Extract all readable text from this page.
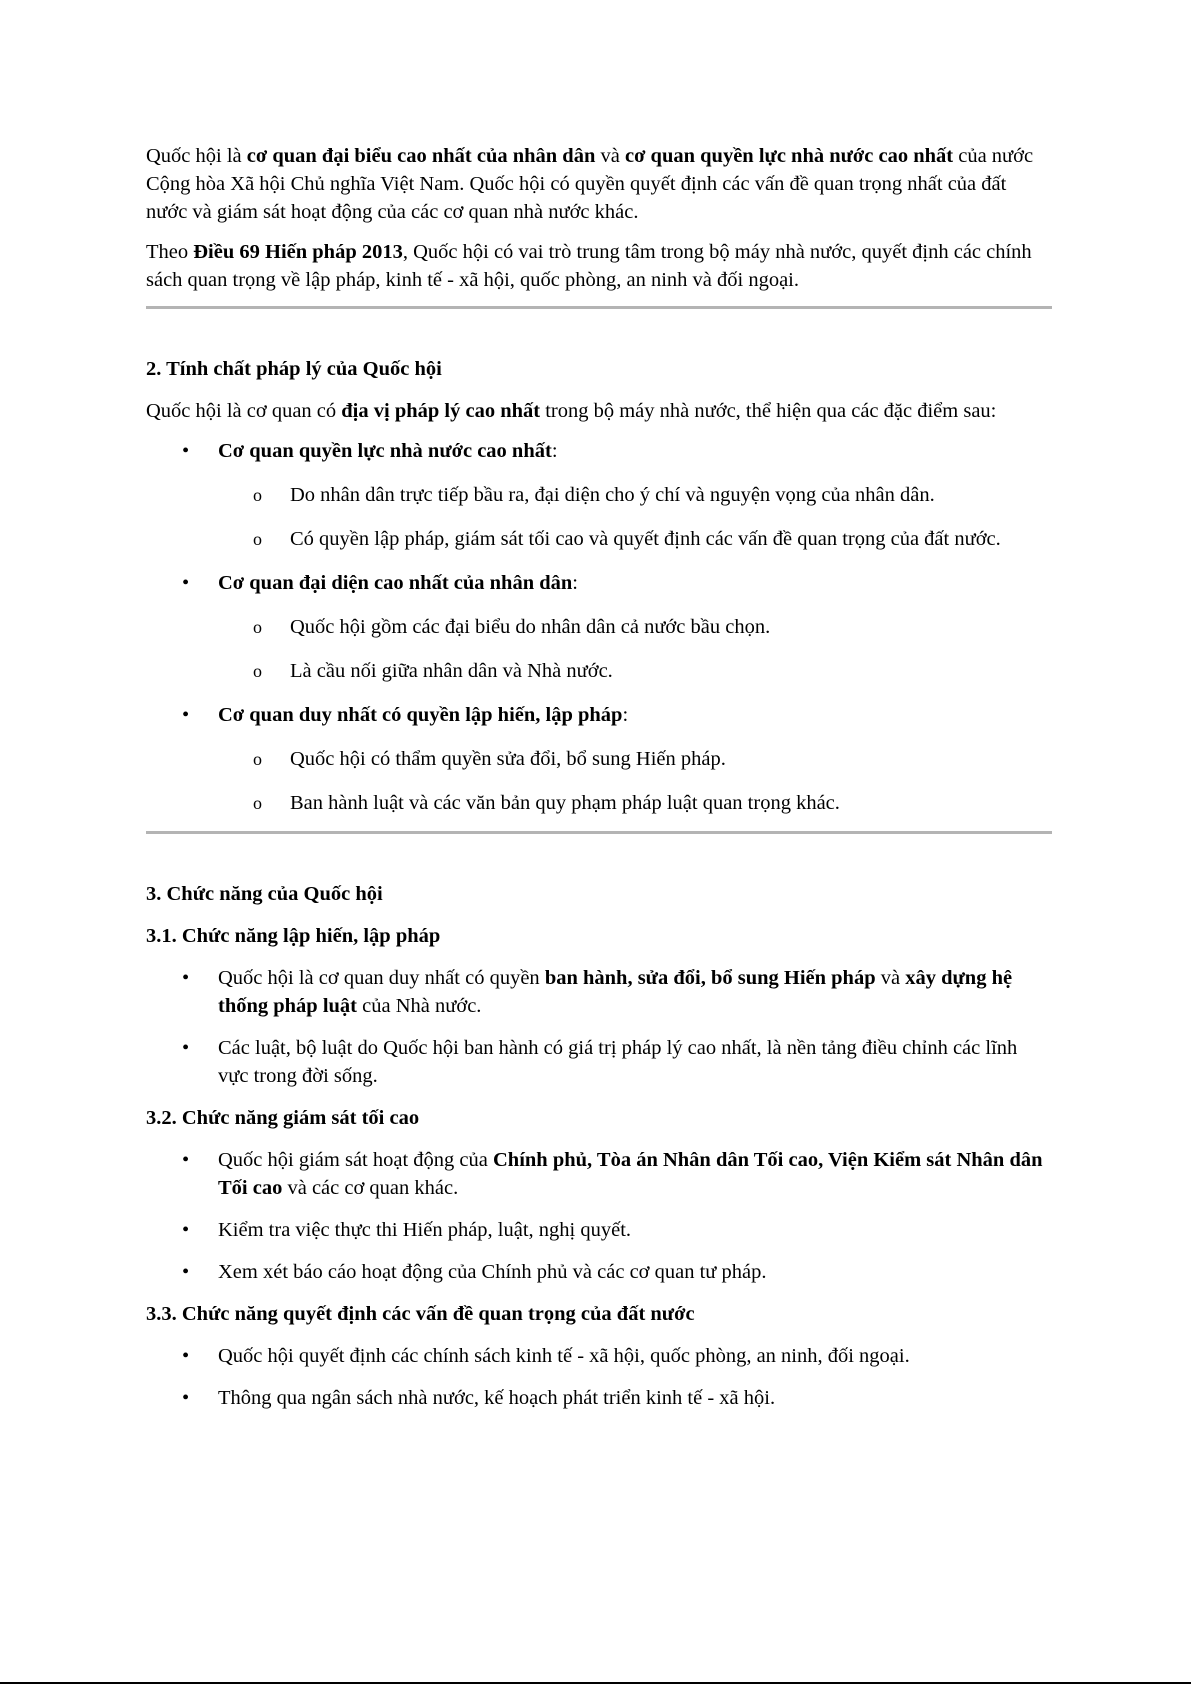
Quốc hội là cơ quan đại biểu cao nhất của nhân dân và cơ quan quyền lực nhà nước cao nhất của nước Cộng hòa Xã hội Chủ nghĩa Việt Nam. Quốc hội có quyền quyết định các vấn đề quan trọng nhất của đất nước và giám sát hoạt động của các cơ quan nhà nước khác.

Theo Điều 69 Hiến pháp 2013, Quốc hội có vai trò trung tâm trong bộ máy nhà nước, quyết định các chính sách quan trọng về lập pháp, kinh tế - xã hội, quốc phòng, an ninh và đối ngoại.

2. Tính chất pháp lý của Quốc hội

Quốc hội là cơ quan có địa vị pháp lý cao nhất trong bộ máy nhà nước, thể hiện qua các đặc điểm sau:

• Cơ quan quyền lực nhà nước cao nhất:
o Do nhân dân trực tiếp bầu ra, đại diện cho ý chí và nguyện vọng của nhân dân.
o Có quyền lập pháp, giám sát tối cao và quyết định các vấn đề quan trọng của đất nước.
• Cơ quan đại diện cao nhất của nhân dân:
o Quốc hội gồm các đại biểu do nhân dân cả nước bầu chọn.
o Là cầu nối giữa nhân dân và Nhà nước.
• Cơ quan duy nhất có quyền lập hiến, lập pháp:
o Quốc hội có thẩm quyền sửa đổi, bổ sung Hiến pháp.
o Ban hành luật và các văn bản quy phạm pháp luật quan trọng khác.

3. Chức năng của Quốc hội

3.1. Chức năng lập hiến, lập pháp

• Quốc hội là cơ quan duy nhất có quyền ban hành, sửa đổi, bổ sung Hiến pháp và xây dựng hệ thống pháp luật của Nhà nước.
• Các luật, bộ luật do Quốc hội ban hành có giá trị pháp lý cao nhất, là nền tảng điều chỉnh các lĩnh vực trong đời sống.

3.2. Chức năng giám sát tối cao

• Quốc hội giám sát hoạt động của Chính phủ, Tòa án Nhân dân Tối cao, Viện Kiểm sát Nhân dân Tối cao và các cơ quan khác.
• Kiểm tra việc thực thi Hiến pháp, luật, nghị quyết.
• Xem xét báo cáo hoạt động của Chính phủ và các cơ quan tư pháp.

3.3. Chức năng quyết định các vấn đề quan trọng của đất nước

• Quốc hội quyết định các chính sách kinh tế - xã hội, quốc phòng, an ninh, đối ngoại.
• Thông qua ngân sách nhà nước, kế hoạch phát triển kinh tế - xã hội.
